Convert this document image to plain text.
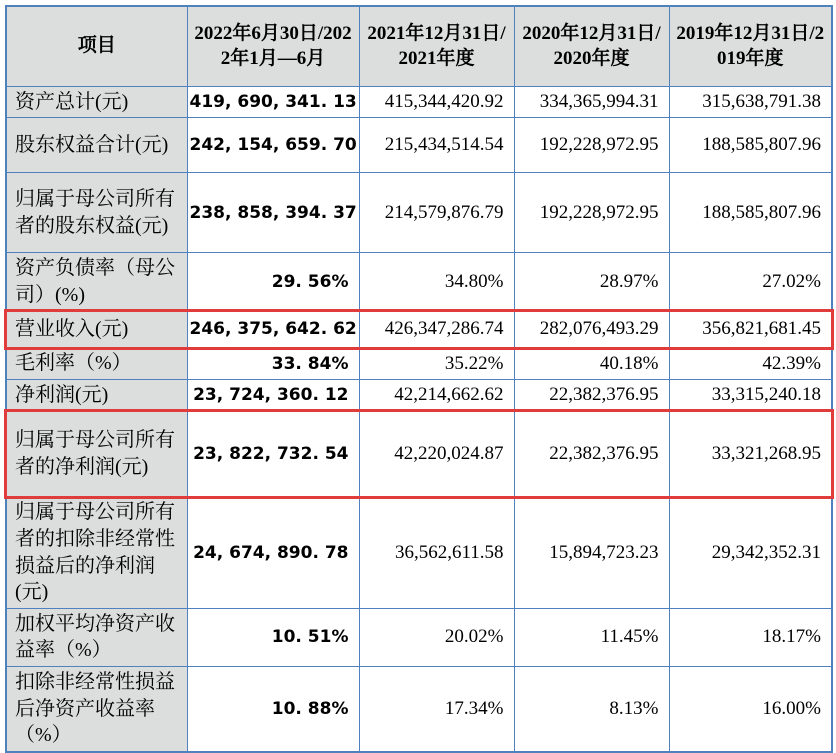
项目	2022年6月30日/2022年1月—6月	2021年12月31日/2021年度	2020年12月31日/2020年度	2019年12月31日/2019年度
资产总计(元)	419, 690, 341. 13	415,344,420.92	334,365,994.31	315,638,791.38
股东权益合计(元)	242, 154, 659. 70	215,434,514.54	192,228,972.95	188,585,807.96
归属于母公司所有者的股东权益(元)	238, 858, 394. 37	214,579,876.79	192,228,972.95	188,585,807.96
资产负债率（母公司）(%)	29. 56%	34.80%	28.97%	27.02%
营业收入(元)	246, 375, 642. 62	426,347,286.74	282,076,493.29	356,821,681.45
毛利率（%）	33. 84%	35.22%	40.18%	42.39%
净利润(元)	23, 724, 360. 12	42,214,662.62	22,382,376.95	33,315,240.18
归属于母公司所有者的净利润(元)	23, 822, 732. 54	42,220,024.87	22,382,376.95	33,321,268.95
归属于母公司所有者的扣除非经常性损益后的净利润(元)	24, 674, 890. 78	36,562,611.58	15,894,723.23	29,342,352.31
加权平均净资产收益率（%）	10. 51%	20.02%	11.45%	18.17%
扣除非经常性损益后净资产收益率（%）	10. 88%	17.34%	8.13%	16.00%
